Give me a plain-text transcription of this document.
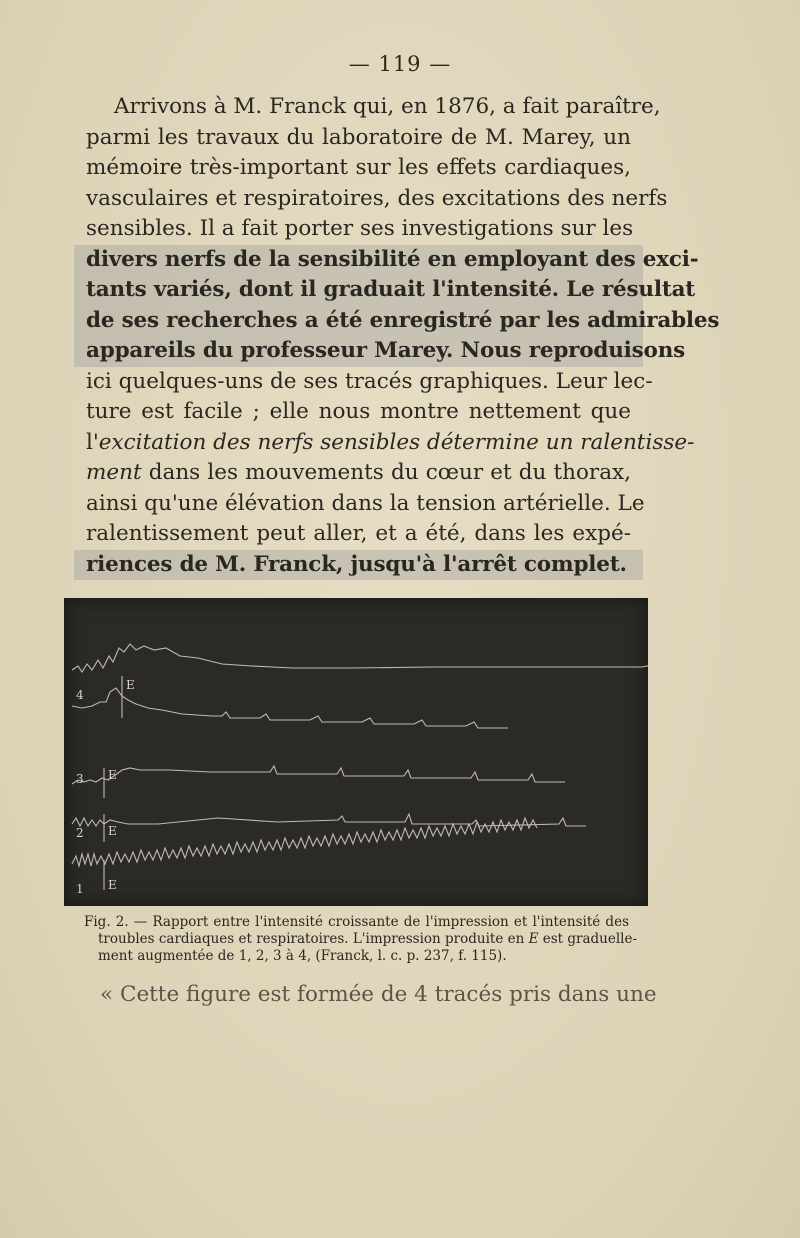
— 119 —
Arrivons à M. Franck qui, en 1876, a fait paraître,
parmi les travaux du laboratoire de M. Marey, un
mémoire très-important sur les effets cardiaques,
vasculaires et respiratoires, des excitations des nerfs
sensibles. Il a fait porter ses investigations sur les
divers nerfs de la sensibilité en employant des exci-
tants variés, dont il graduait l'intensité. Le résultat
de ses recherches a été enregistré par les admirables
appareils du professeur Marey. Nous reproduisons
ici quelques-uns de ses tracés graphiques. Leur lec-
ture est facile ; elle nous montre nettement que
l'excitation des nerfs sensibles détermine un ralentisse-
ment dans les mouvements du cœur et du thorax,
ainsi qu'une élévation dans la tension artérielle. Le
ralentissement peut aller, et a été, dans les expé-
riences de M. Franck, jusqu'à l'arrêt complet.
4
E
3 E
2 E
1 E
Fig. 2. — Rapport entre l'intensité croissante de l'impression et l'intensité des
troubles cardiaques et respiratoires. L'impression produite en E est graduelle-
ment augmentée de 1, 2, 3 à 4, (Franck, l. c. p. 237, f. 115).
« Cette figure est formée de 4 tracés pris dans une
